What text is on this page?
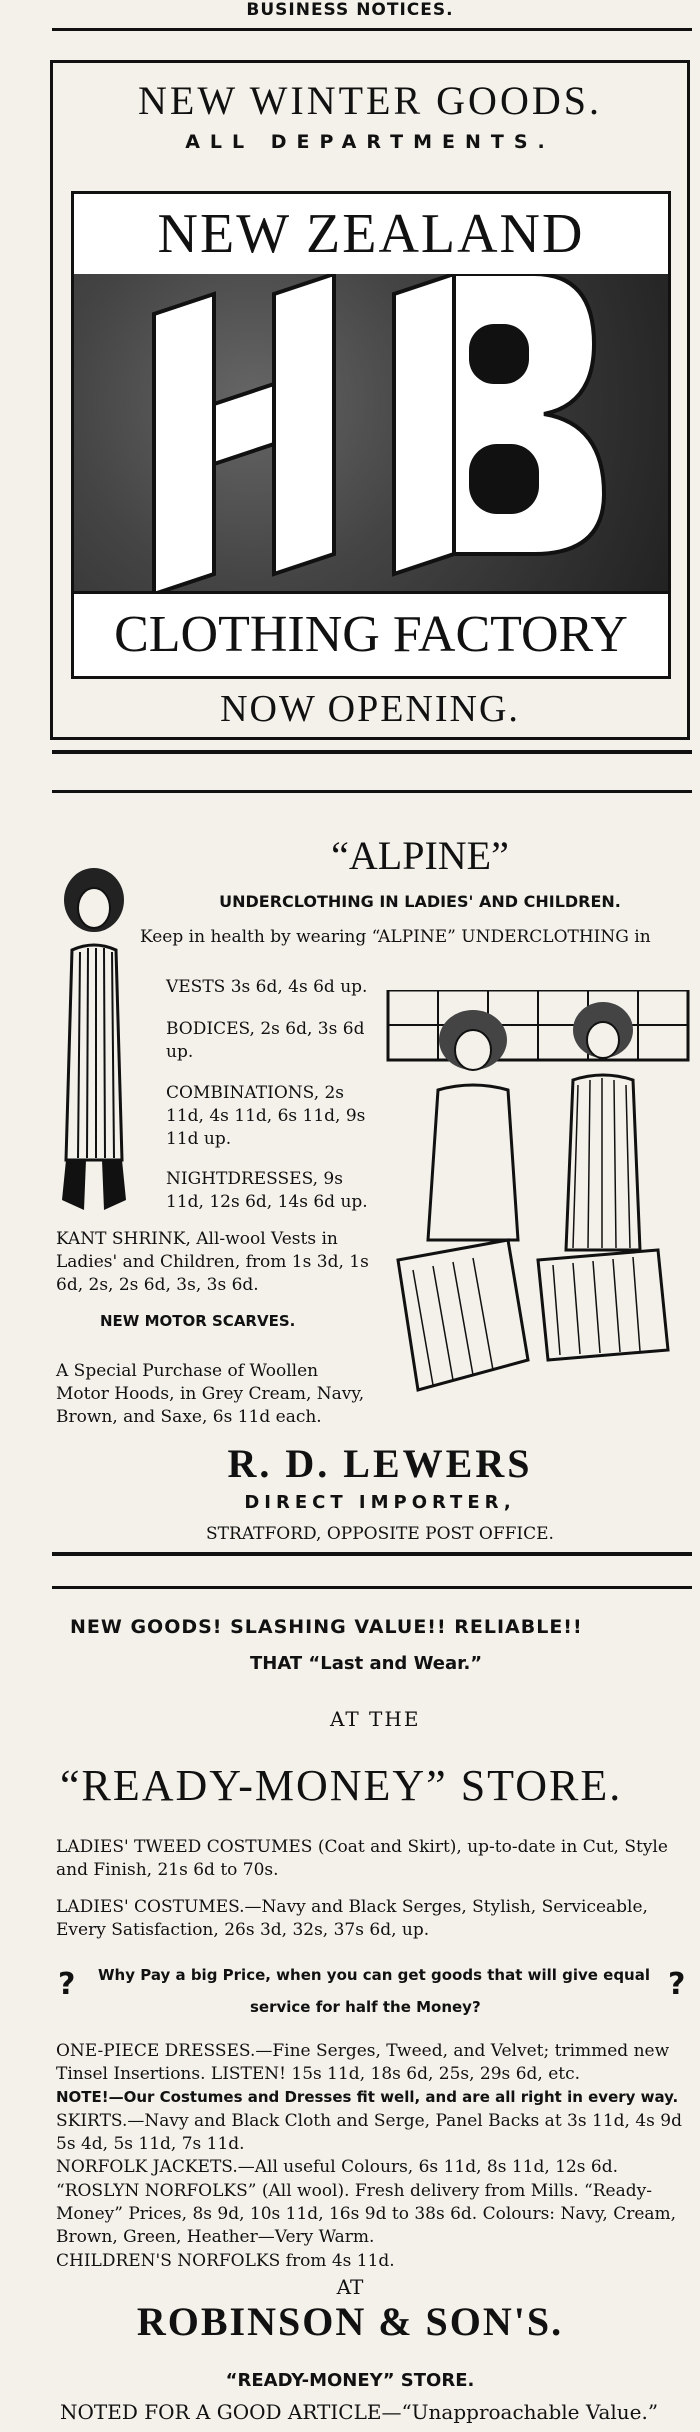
BUSINESS NOTICES.
NEW WINTER GOODS.
ALL DEPARTMENTS.
NEW ZEALAND
CLOTHING FACTORY
NOW OPENING.
“ALPINE”
UNDERCLOTHING IN LADIES' AND CHILDREN.
Keep in health by wearing “ALPINE” UNDERCLOTHING in
VESTS 3s 6d, 4s 6d up.
BODICES, 2s 6d, 3s 6d up.
COMBINATIONS, 2s 11d, 4s 11d, 6s 11d, 9s 11d up.
NIGHTDRESSES, 9s 11d, 12s 6d, 14s 6d up.
KANT SHRINK, All-wool Vests in Ladies' and Children, from 1s 3d, 1s 6d, 2s, 2s 6d, 3s, 3s 6d.
NEW MOTOR SCARVES.
A Special Purchase of Woollen Motor Hoods, in Grey Cream, Navy, Brown, and Saxe, 6s 11d each.
R. D. LEWERS
DIRECT IMPORTER,
STRATFORD, OPPOSITE POST OFFICE.
NEW GOODS! SLASHING VALUE!! RELIABLE!!
THAT “Last and Wear.”
AT THE
“READY-MONEY” STORE.
LADIES' TWEED COSTUMES (Coat and Skirt), up-to-date in Cut, Style and Finish, 21s 6d to 70s.
LADIES' COSTUMES.—Navy and Black Serges, Stylish, Serviceable, Every Satisfaction, 26s 3d, 32s, 37s 6d, up.
?	Why Pay a big Price, when you can get goods that will give equal
service for half the Money?
?
ONE-PIECE DRESSES.—Fine Serges, Tweed, and Velvet; trimmed new Tinsel Insertions. LISTEN! 15s 11d, 18s 6d, 25s, 29s 6d, etc.
NOTE!—Our Costumes and Dresses fit well, and are all right in every way.
SKIRTS.—Navy and Black Cloth and Serge, Panel Backs at 3s 11d, 4s 9d 5s 4d, 5s 11d, 7s 11d.
NORFOLK JACKETS.—All useful Colours, 6s 11d, 8s 11d, 12s 6d.
“ROSLYN NORFOLKS” (All wool). Fresh delivery from Mills. “Ready-Money” Prices, 8s 9d, 10s 11d, 16s 9d to 38s 6d. Colours: Navy, Cream, Brown, Green, Heather—Very Warm.
CHILDREN'S NORFOLKS from 4s 11d.
AT
ROBINSON & SON'S.
“READY-MONEY” STORE.
NOTED FOR A GOOD ARTICLE—“Unapproachable Value.”
